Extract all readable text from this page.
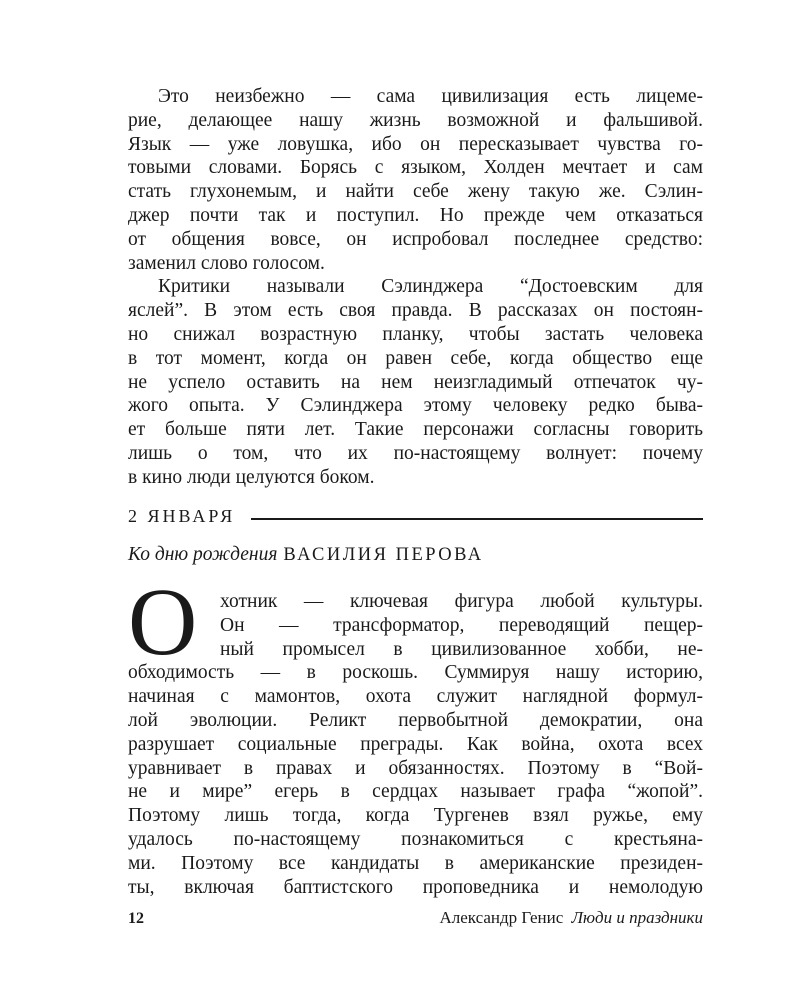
Это неизбежно — сама цивилизация есть лицеме-
рие, делающее нашу жизнь возможной и фальшивой.
Язык — уже ловушка, ибо он пересказывает чувства го-
товыми словами. Борясь с языком, Холден мечтает и сам
стать глухонемым, и найти себе жену такую же. Сэлин-
джер почти так и поступил. Но прежде чем отказаться
от общения вовсе, он испробовал последнее средство:
заменил слово голосом.
Критики называли Сэлинджера “Достоевским для
яслей”. В этом есть своя правда. В рассказах он постоян-
но снижал возрастную планку, чтобы застать человека
в тот момент, когда он равен себе, когда общество еще
не успело оставить на нем неизгладимый отпечаток чу-
жого опыта. У Сэлинджера этому человеку редко быва-
ет больше пяти лет. Такие персонажи согласны говорить
лишь о том, что их по-настоящему волнует: почему
в кино люди целуются боком.
2 ЯНВАРЯ
Ко дню рождения ВАСИЛИЯ ПЕРОВА
О	хотник — ключевая фигура любой культуры.
Он — трансформатор, переводящий пещер-
ный промысел в цивилизованное хобби, не-
обходимость — в роскошь. Суммируя нашу историю,
начиная с мамонтов, охота служит наглядной формул-
лой эволюции. Реликт первобытной демократии, она
разрушает социальные преграды. Как война, охота всех
уравнивает в правах и обязанностях. Поэтому в “Вой-
не и мире” егерь в сердцах называет графа “жопой”.
Поэтому лишь тогда, когда Тургенев взял ружье, ему
удалось по-настоящему познакомиться с крестьяна-
ми. Поэтому все кандидаты в американские президен-
ты, включая баптистского проповедника и немолодую
12	Александр Генис Люди и праздники
